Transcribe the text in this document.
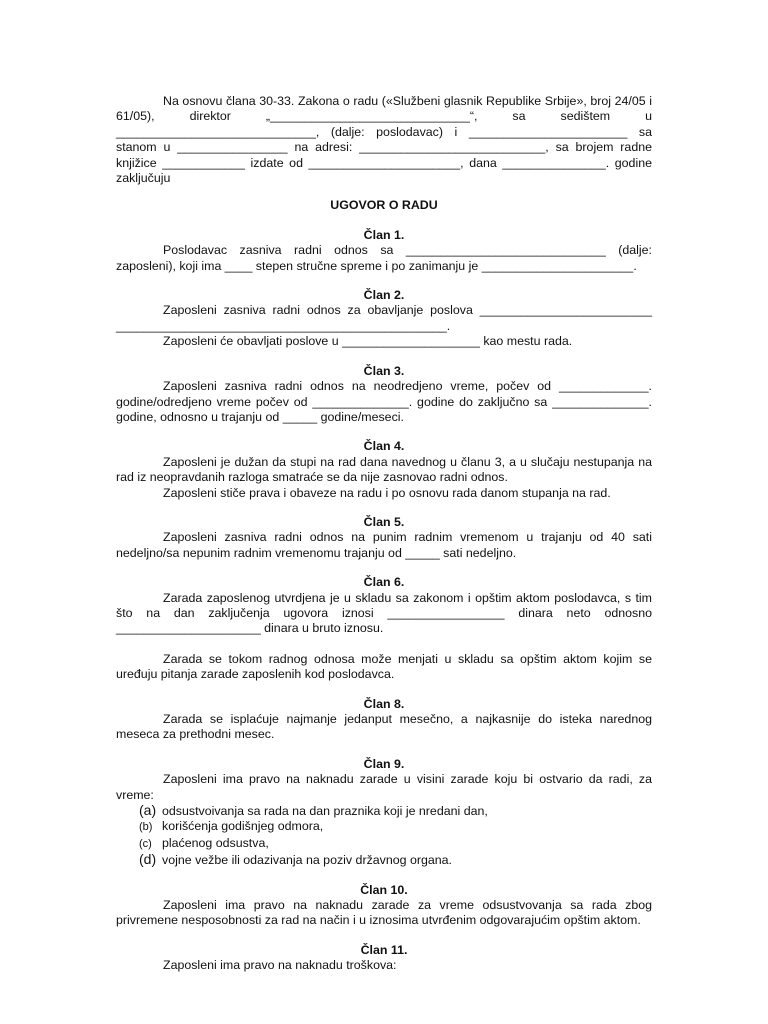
Na osnovu člana 30-33. Zakona o radu («Službeni glasnik Republike Srbije», broj 24/05 i 61/05), direktor „_____________________________“, sa sedištem u _____________________________, (dalje: poslodavac) i _______________________ sa stanom u ________________ na adresi: ___________________________, sa brojem radne knjižice ____________ izdate od ______________________, dana _______________. godine zaključuju

UGOVOR O RADU
Član 1.

Poslodavac zasniva radni odnos sa _____________________________ (dalje: zaposleni), koji ima ____ stepen stručne spreme i po zanimanju je ______________________.

Član 2.

Zaposleni zasniva radni odnos za obavljanje poslova _________________________ ________________________________________________.

Zaposleni će obavljati poslove u ____________________ kao mestu rada.

Član 3.

Zaposleni zasniva radni odnos na neodredjeno vreme, počev od _____________. godine/odredjeno vreme počev od ______________. godine do zaključno sa ______________. godine, odnosno u trajanju od _____ godine/meseci.

Član 4.

Zaposleni je dužan da stupi na rad dana navednog u članu 3, a u slučaju nestupanja na rad iz neopravdanih razloga smatraće se da nije zasnovao radni odnos.

Zaposleni stiče prava i obaveze na radu i po osnovu rada danom stupanja na rad.

Član 5.

Zaposleni zasniva radni odnos na punim radnim vremenom u trajanju od 40 sati nedeljno/sa nepunim radnim vremenomu trajanju od _____ sati nedeljno.

Član 6.

Zarada zaposlenog utvrdjena je u skladu sa zakonom i opštim aktom poslodavca, s tim što na dan zaključenja ugovora iznosi _________________ dinara neto odnosno _____________________ dinara u bruto iznosu.

Zarada se tokom radnog odnosa može menjati u skladu sa opštim aktom kojim se uređuju pitanja zarade zaposlenih kod poslodavca.

Član 8.

Zarada se isplaćuje najmanje jedanput mesečno, a najkasnije do isteka narednog meseca za prethodni mesec.

Član 9.

Zaposleni ima pravo na naknadu zarade u visini zarade koju bi ostvario da radi, za vreme:

(a) odsustvoivanja sa rada na dan praznika koji je nredani dan,
(b) korišćenja godišnjeg odmora,
(c) plaćenog odsustva,
(d) vojne vežbe ili odazivanja na poziv državnog organa.
Član 10.

Zaposleni ima pravo na naknadu zarade za vreme odsustvovanja sa rada zbog privremene nesposobnosti za rad na način i u iznosima utvrđenim odgovarajućim opštim aktom.

Član 11.

Zaposleni ima pravo na naknadu troškova:
